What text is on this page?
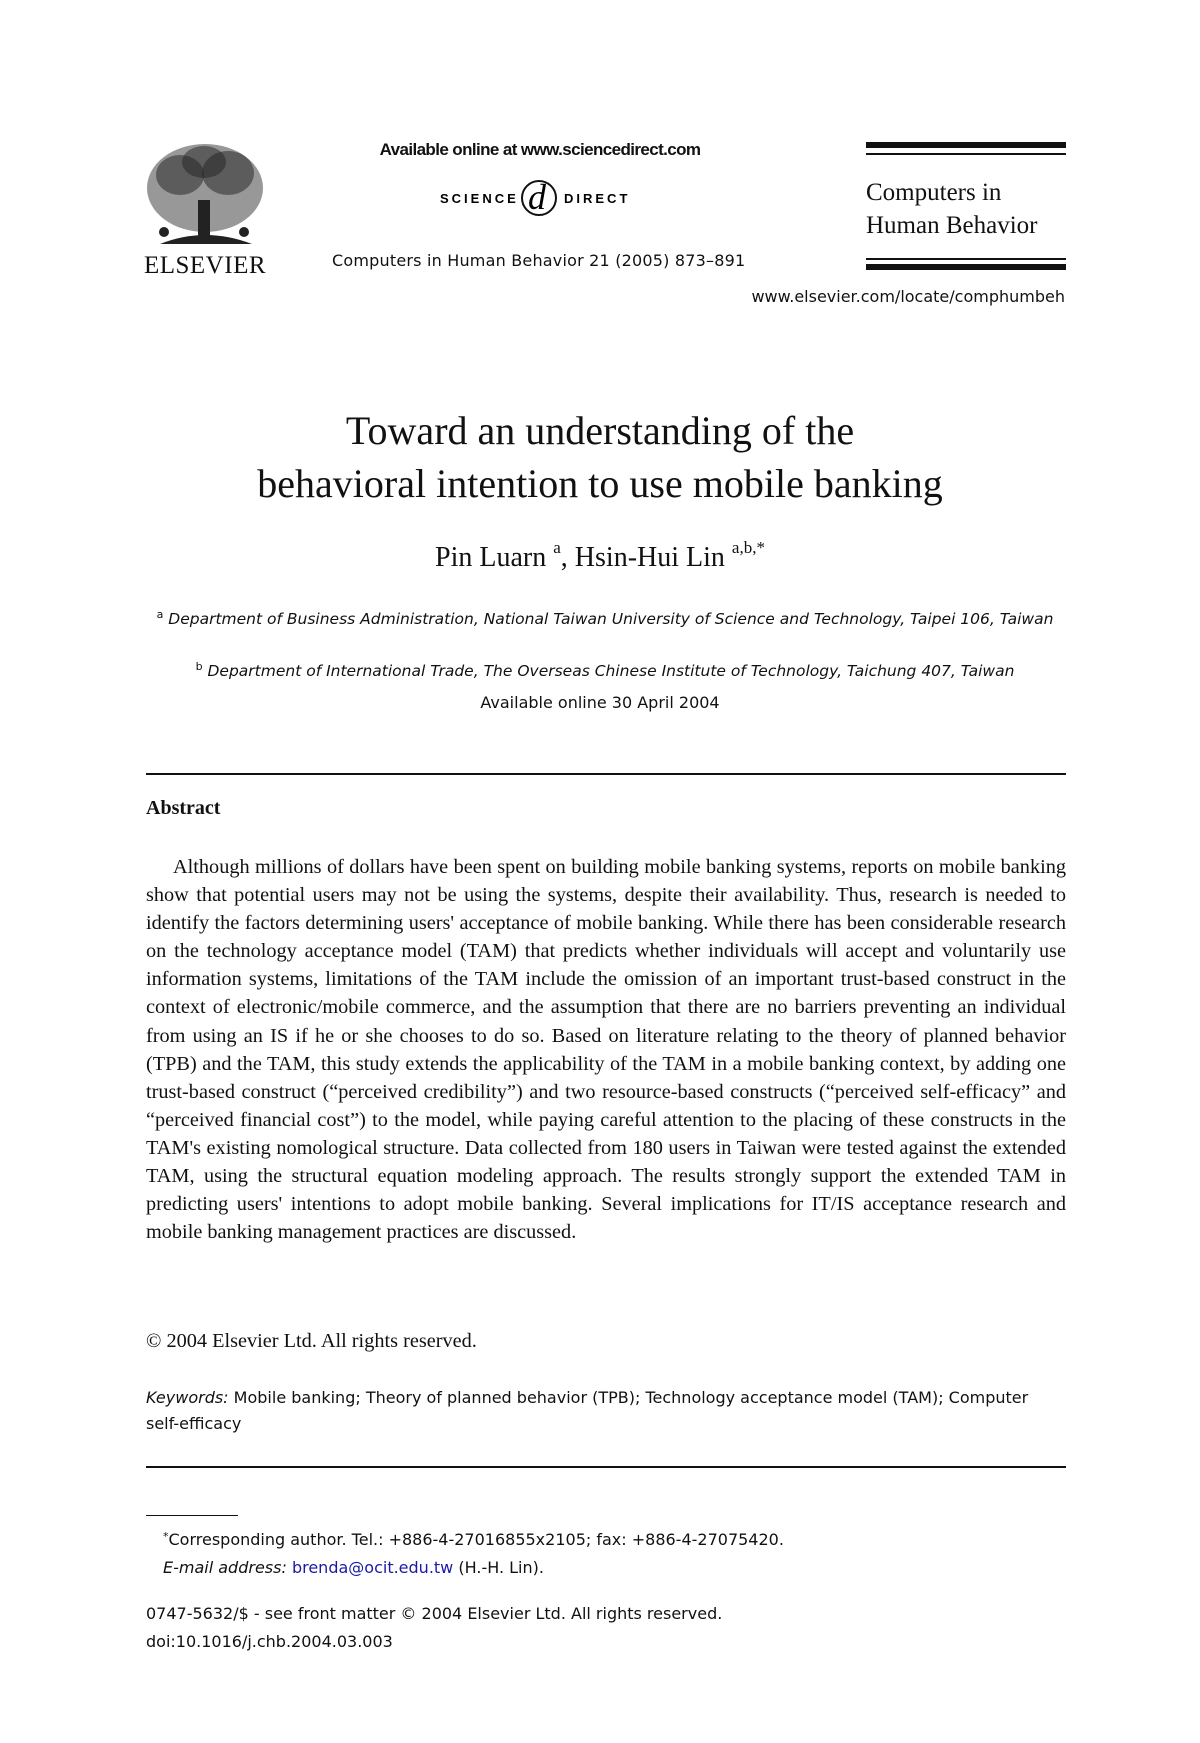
ELSEVIER
Available online at www.sciencedirect.com
SCIENCE d DIRECT
Computers in Human Behavior 21 (2005) 873–891
Computers in
Human Behavior
www.elsevier.com/locate/comphumbeh
Toward an understanding of the
behavioral intention to use mobile banking
Pin Luarn $^a$, Hsin-Hui Lin $^{a,b,*}$
$^a$ Department of Business Administration, National Taiwan University of Science and Technology, Taipei 106, Taiwan
$^b$ Department of International Trade, The Overseas Chinese Institute of Technology, Taichung 407, Taiwan
Available online 30 April 2004
Abstract
Although millions of dollars have been spent on building mobile banking systems, reports on mobile banking show that potential users may not be using the systems, despite their availability. Thus, research is needed to identify the factors determining users' acceptance of mobile banking. While there has been considerable research on the technology acceptance model (TAM) that predicts whether individuals will accept and voluntarily use information systems, limitations of the TAM include the omission of an important trust-based construct in the context of electronic/mobile commerce, and the assumption that there are no barriers preventing an individual from using an IS if he or she chooses to do so. Based on literature relating to the theory of planned behavior (TPB) and the TAM, this study extends the applicability of the TAM in a mobile banking context, by adding one trust-based construct (“perceived credibility”) and two resource-based constructs (“perceived self-efficacy” and “perceived financial cost”) to the model, while paying careful attention to the placing of these constructs in the TAM's existing nomological structure. Data collected from 180 users in Taiwan were tested against the extended TAM, using the structural equation modeling approach. The results strongly support the extended TAM in predicting users' intentions to adopt mobile banking. Several implications for IT/IS acceptance research and mobile banking management practices are discussed.
© 2004 Elsevier Ltd. All rights reserved.
Keywords: Mobile banking; Theory of planned behavior (TPB); Technology acceptance model (TAM); Computer self-efficacy
*Corresponding author. Tel.: +886-4-27016855x2105; fax: +886-4-27075420.
E-mail address: brenda@ocit.edu.tw (H.-H. Lin).
0747-5632/$ - see front matter © 2004 Elsevier Ltd. All rights reserved.
doi:10.1016/j.chb.2004.03.003
